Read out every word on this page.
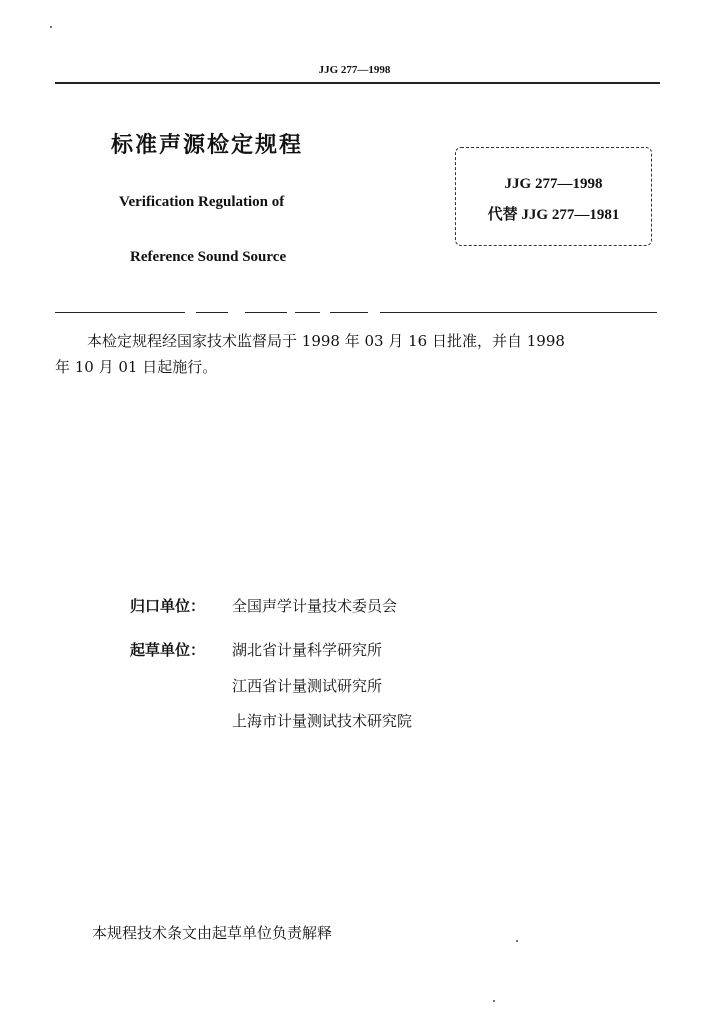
JJG 277—1998
标准声源检定规程
Verification Regulation of
Reference Sound Source
JJG 277—1998
代替 JJG 277—1981
本检定规程经国家技术监督局于 1998 年 03 月 16 日批准，并自 1998
年 10 月 01 日起施行。
归口单位： 全国声学计量技术委员会
起草单位： 湖北省计量科学研究所
江西省计量测试研究所
上海市计量测试技术研究院
本规程技术条文由起草单位负责解释
